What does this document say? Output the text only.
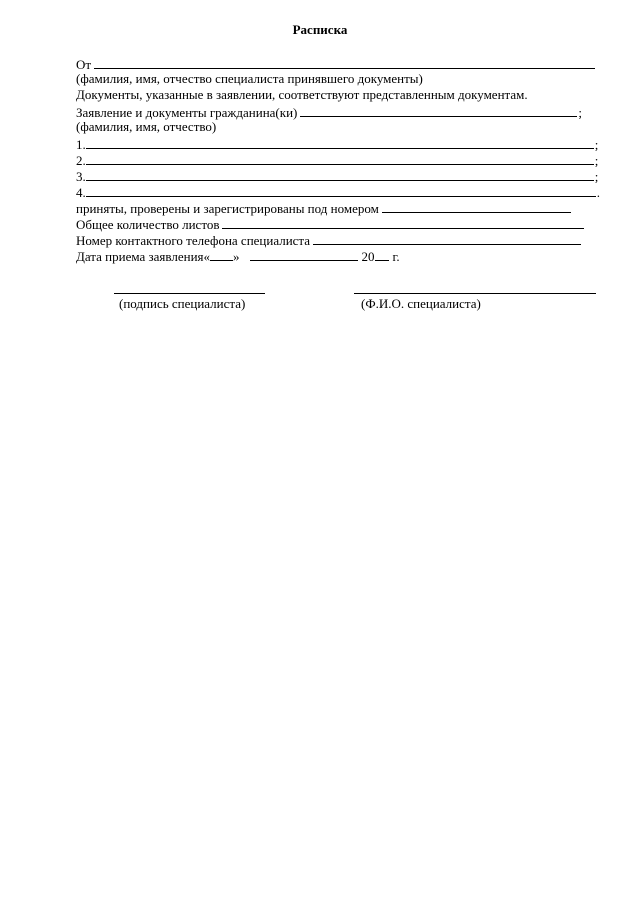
Расписка
От
(фамилия, имя, отчество специалиста принявшего документы)
Документы, указанные в заявлении, соответствуют представленным документам.
Заявление и документы гражданина(ки)	;
(фамилия, имя, отчество)
1.	;
2.	;
3.	;
4.	.
приняты, проверены и зарегистрированы под номером
Общее количество листов
Номер контактного телефона специалиста
Дата приема заявления« »	20 г.
(подпись специалиста)	(Ф.И.О. специалиста)
